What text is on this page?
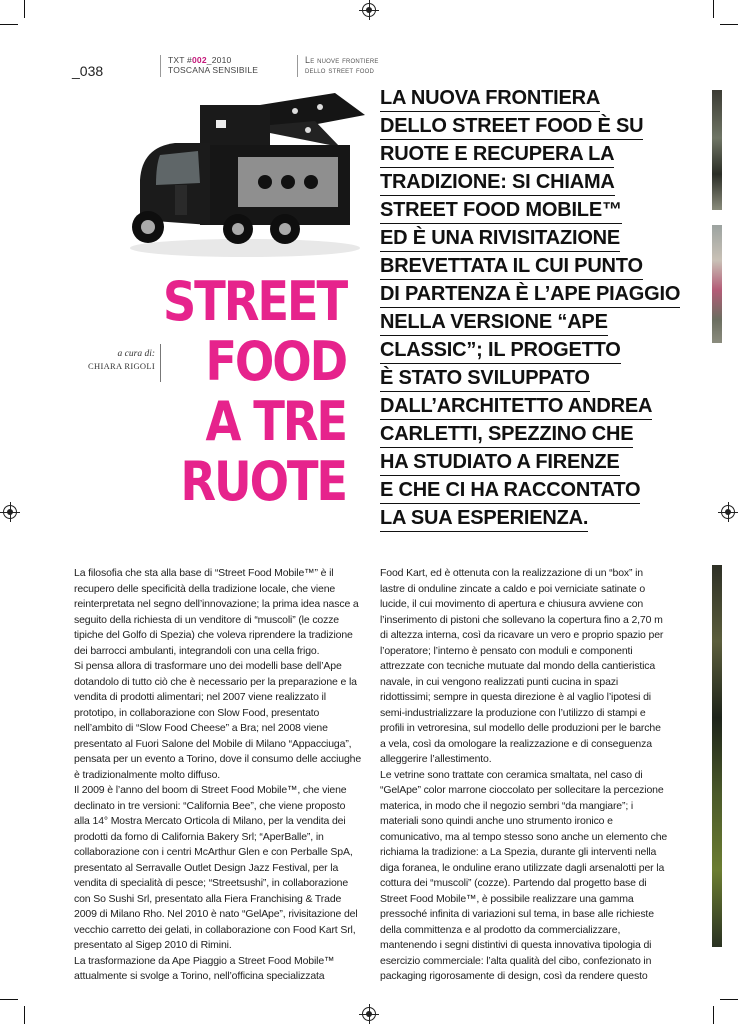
_038
TXT #002_2010
TOSCANA SENSIBILE
Le nuove frontiere
dello street food
STREET
FOOD
A TRE
RUOTE
a cura di:
CHIARA RIGOLI
LA NUOVA FRONTIERA
DELLO STREET FOOD È SU
RUOTE E RECUPERA LA
TRADIZIONE: SI CHIAMA
STREET FOOD MOBILE™
ED È UNA RIVISITAZIONE
BREVETTATA IL CUI PUNTO
DI PARTENZA È L’APE PIAGGIO
NELLA VERSIONE “APE
CLASSIC”; IL PROGETTO
È STATO SVILUPPATO
DALL’ARCHITETTO ANDREA
CARLETTI, SPEZZINO CHE
HA STUDIATO A FIRENZE
E CHE CI HA RACCONTATO
LA SUA ESPERIENZA.

La filosofia che sta alla base di “Street Food Mobile™” è il recupero delle specificità della tradizione locale, che viene reinterpretata nel segno dell’innovazione; la prima idea nasce a seguito della richiesta di un venditore di “muscoli” (le cozze tipiche del Golfo di Spezia) che voleva riprendere la tradizione dei barrocci ambulanti, integrandoli con una cella frigo.

Si pensa allora di trasformare uno dei modelli base dell’Ape dotandolo di tutto ciò che è necessario per la preparazione e la vendita di prodotti alimentari; nel 2007 viene realizzato il prototipo, in collaborazione con Slow Food, presentato nell’ambito di “Slow Food Cheese” a Bra; nel 2008 viene presentato al Fuori Salone del Mobile di Milano “Appacciuga”, pensata per un evento a Torino, dove il consumo delle acciughe è tradizionalmente molto diffuso.

Il 2009 è l’anno del boom di Street Food Mobile™, che viene declinato in tre versioni: “California Bee”, che viene proposto alla 14° Mostra Mercato Orticola di Milano, per la vendita dei prodotti da forno di California Bakery Srl; “AperBalle”, in collaborazione con i centri McArthur Glen e con Perballe SpA, presentato al Serravalle Outlet Design Jazz Festival, per la vendita di specialità di pesce; “Streetsushi”, in collaborazione con So Sushi Srl, presentato alla Fiera Franchising & Trade 2009 di Milano Rho. Nel 2010 è nato “GelApe”, rivisitazione del vecchio carretto dei gelati, in collaborazione con Food Kart Srl, presentato al Sigep 2010 di Rimini.

La trasformazione da Ape Piaggio a Street Food Mobile™ attualmente si svolge a Torino, nell’officina specializzata

Food Kart, ed è ottenuta con la realizzazione di un “box” in lastre di onduline zincate a caldo e poi verniciate satinate o lucide, il cui movimento di apertura e chiusura avviene con l’inserimento di pistoni che sollevano la copertura fino a 2,70 m di altezza interna, così da ricavare un vero e proprio spazio per l’operatore; l’interno è pensato con moduli e componenti attrezzate con tecniche mutuate dal mondo della cantieristica navale, in cui vengono realizzati punti cucina in spazi ridottissimi; sempre in questa direzione è al vaglio l’ipotesi di semi-industrializzare la produzione con l’utilizzo di stampi e profili in vetroresina, sul modello delle produzioni per le barche a vela, così da omologare la realizzazione e di conseguenza alleggerire l’allestimento.

Le vetrine sono trattate con ceramica smaltata, nel caso di “GelApe” color marrone cioccolato per sollecitare la percezione materica, in modo che il negozio sembri “da mangiare”; i materiali sono quindi anche uno strumento ironico e comunicativo, ma al tempo stesso sono anche un elemento che richiama la tradizione: a La Spezia, durante gli interventi nella diga foranea, le onduline erano utilizzate dagli arsenalotti per la cottura dei “muscoli” (cozze). Partendo dal progetto base di Street Food Mobile™, è possibile realizzare una gamma pressoché infinita di variazioni sul tema, in base alle richieste della committenza e al prodotto da commercializzare, mantenendo i segni distintivi di questa innovativa tipologia di esercizio commerciale: l’alta qualità del cibo, confezionato in packaging rigorosamente di design, così da rendere questo
